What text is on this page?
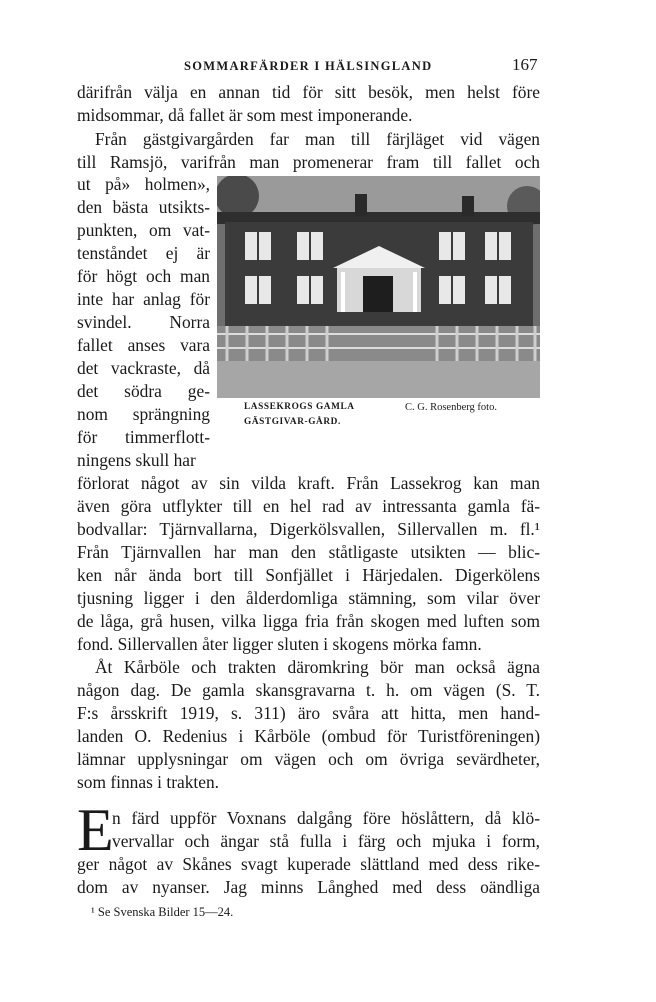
SOMMARFÄRDER I HÄLSINGLAND	167
därifrån välja en annan tid för sitt besök, men helst före
midsommar, då fallet är som mest imponerande.
Från gästgivargården far man till färjläget vid vägen
till Ramsjö, varifrån man promenerar fram till fallet och
ut på» holmen»,
den bästa utsikts-
punkten, om vat-
tenståndet ej är
för högt och man
inte har anlag för
svindel. Norra
fallet anses vara
det vackraste, då
det södra ge-
nom sprängning
för timmerflott-
ningens skull har
LASSEKROGS GAMLA GÄSTGIVAR-GÅRD.
C. G. Rosenberg foto.
förlorat något av sin vilda kraft. Från Lassekrog kan man
även göra utflykter till en hel rad av intressanta gamla fä-
bodvallar: Tjärnvallarna, Digerkölsvallen, Sillervallen m. fl.¹
Från Tjärnvallen har man den ståtligaste utsikten — blic-
ken når ända bort till Sonfjället i Härjedalen. Digerkölens
tjusning ligger i den ålderdomliga stämning, som vilar över
de låga, grå husen, vilka ligga fria från skogen med luften som
fond. Sillervallen åter ligger sluten i skogens mörka famn.
Åt Kårböle och trakten däromkring bör man också ägna
någon dag. De gamla skansgravarna t. h. om vägen (S. T.
F:s årsskrift 1919, s. 311) äro svåra att hitta, men hand-
landen O. Redenius i Kårböle (ombud för Turistföreningen)
lämnar upplysningar om vägen och om övriga sevärdheter,
som finnas i trakten.
E
n färd uppför Voxnans dalgång före höslåttern, då klö-
vervallar och ängar stå fulla i färg och mjuka i form,
ger något av Skånes svagt kuperade slättland med dess rike-
dom av nyanser. Jag minns Långhed med dess oändliga
¹ Se Svenska Bilder 15—24.
